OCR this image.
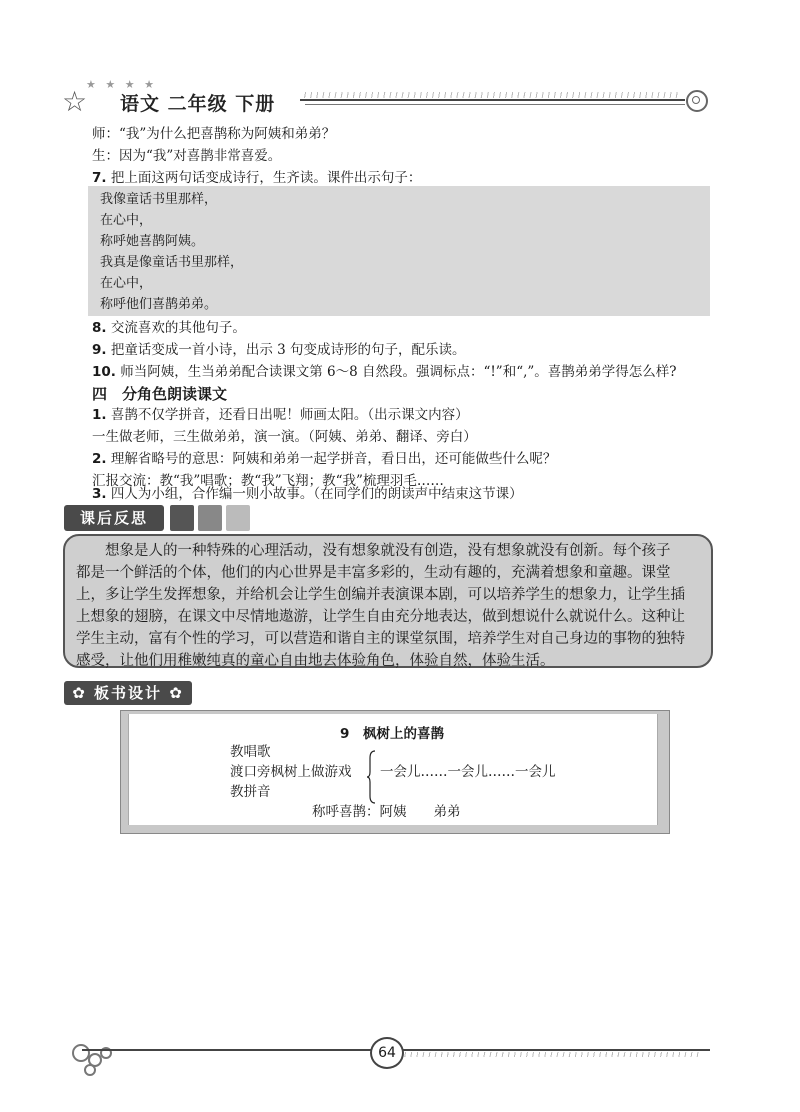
★ ★ ★ ★
☆ 语文 二年级 下册
师：“我”为什么把喜鹊称为阿姨和弟弟？
生：因为“我”对喜鹊非常喜爱。
7. 把上面这两句话变成诗行，生齐读。课件出示句子：
我像童话书里那样，
在心中，
称呼她喜鹊阿姨。
我真是像童话书里那样，
在心中，
称呼他们喜鹊弟弟。
8. 交流喜欢的其他句子。
9. 把童话变成一首小诗，出示 3 句变成诗形的句子，配乐读。
10. 师当阿姨，生当弟弟配合读课文第 6～8 自然段。强调标点：“!”和“,”。喜鹊弟弟学得怎么样?
四　分角色朗读课文
1. 喜鹊不仅学拼音，还看日出呢！师画太阳。（出示课文内容）
一生做老师，三生做弟弟，演一演。（阿姨、弟弟、翻译、旁白）
2. 理解省略号的意思：阿姨和弟弟一起学拼音，看日出，还可能做些什么呢？
汇报交流：教“我”唱歌；教“我”飞翔；教“我”梳理羽毛……
3. 四人为小组，合作编一则小故事。（在同学们的朗读声中结束这节课）
课后反思
　　想象是人的一种特殊的心理活动，没有想象就没有创造，没有想象就没有创新。每个孩子
都是一个鲜活的个体，他们的内心世界是丰富多彩的，生动有趣的，充满着想象和童趣。课堂
上，多让学生发挥想象，并给机会让学生创编并表演课本剧，可以培养学生的想象力，让学生插
上想象的翅膀，在课文中尽情地遨游，让学生自由充分地表达，做到想说什么就说什么。这种让
学生主动，富有个性的学习，可以营造和谐自主的课堂氛围，培养学生对自己身边的事物的独特
感受，让他们用稚嫩纯真的童心自由地去体验角色，体验自然，体验生活。
✿ 板书设计 ✿
9　枫树上的喜鹊
教唱歌
渡口旁枫树上做游戏
教拼音
一会儿……一会儿……一会儿
称呼喜鹊：阿姨　　弟弟
64
